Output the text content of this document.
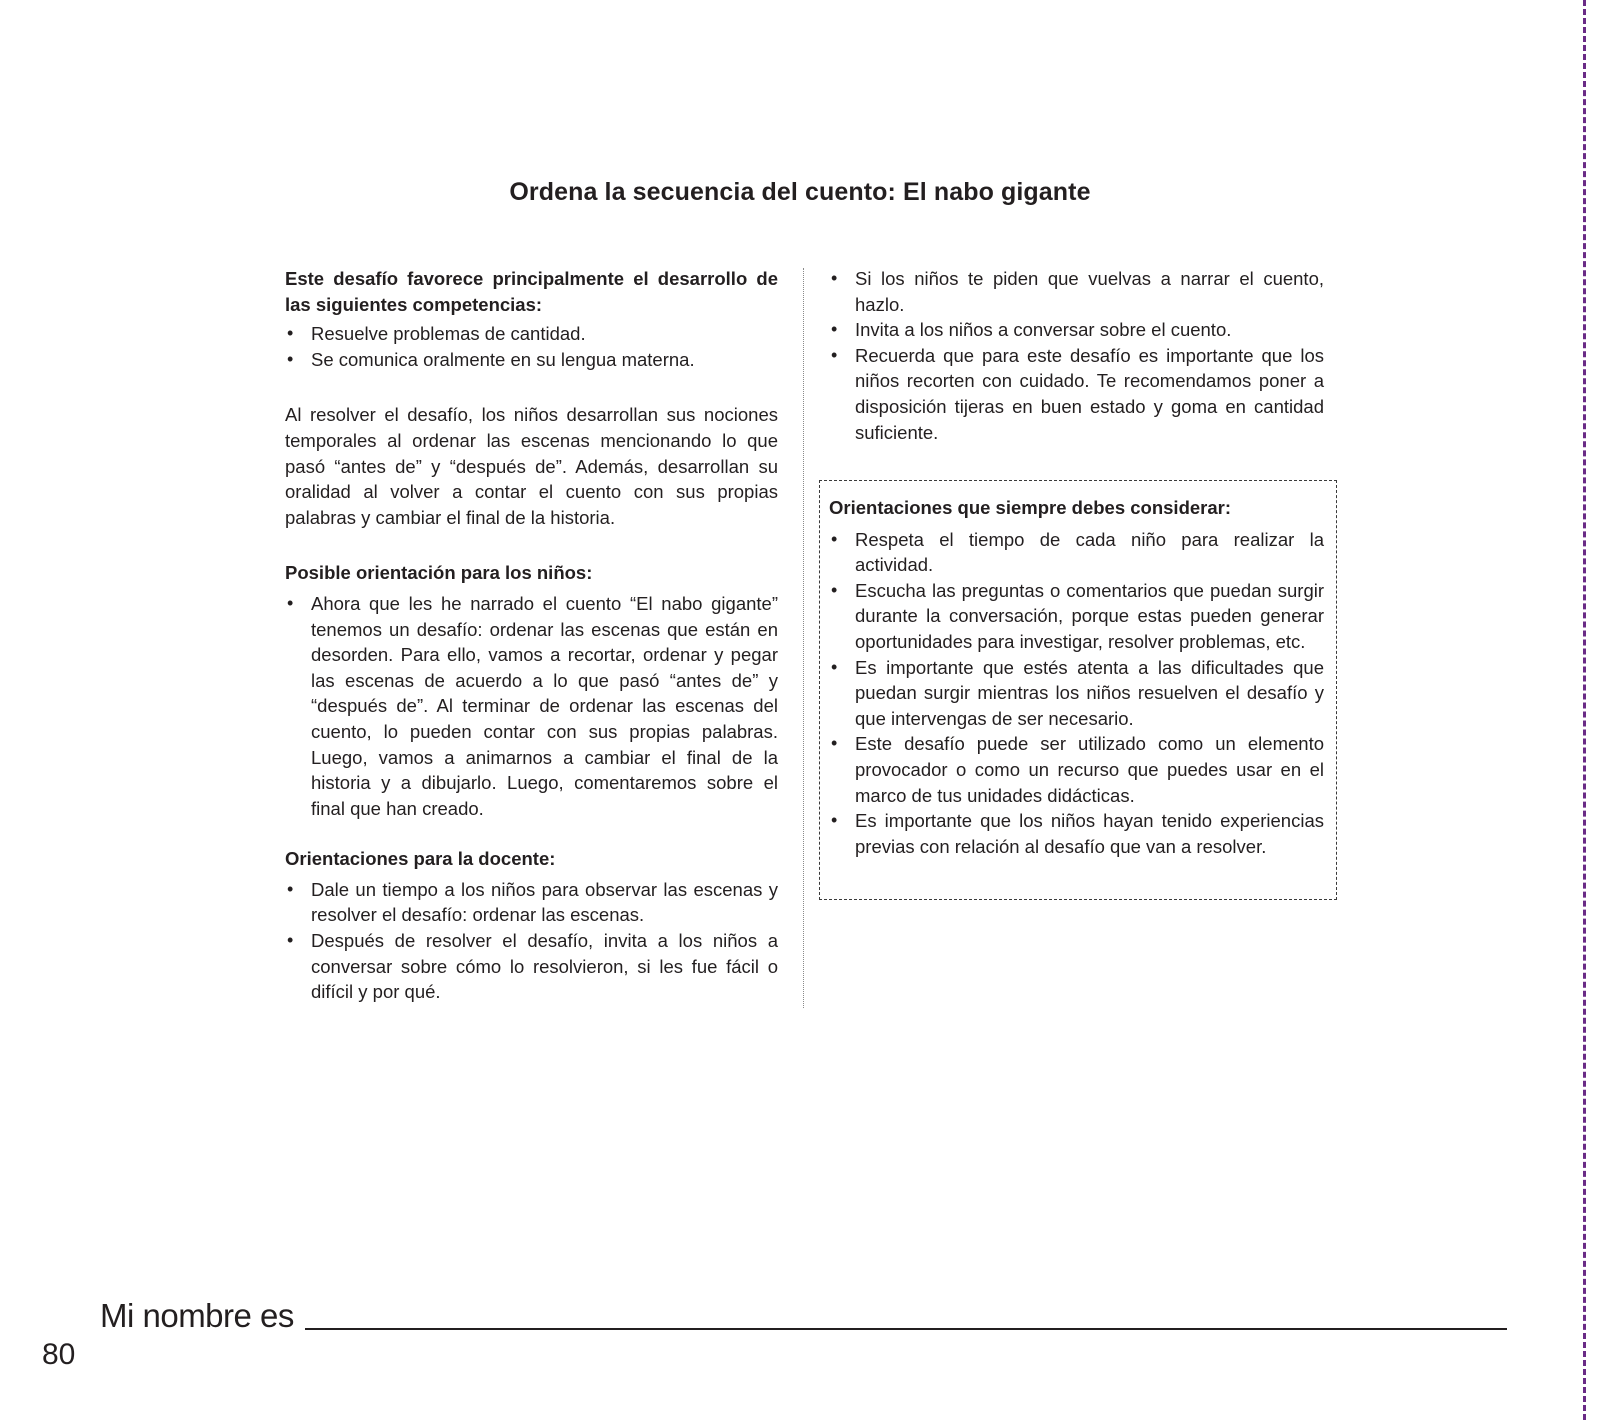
Ordena la secuencia del cuento: El nabo gigante

Este desafío favorece principalmente el desarrollo de las siguientes competencias:

• Resuelve problemas de cantidad.
• Se comunica oralmente en su lengua materna.

Al resolver el desafío, los niños desarrollan sus nociones temporales al ordenar las escenas mencionando lo que pasó “antes de” y “después de”. Además, desarrollan su oralidad al volver a contar el cuento con sus propias palabras y cambiar el final de la historia.

Posible orientación para los niños:

• Ahora que les he narrado el cuento “El nabo gigante” tenemos un desafío: ordenar las escenas que están en desorden. Para ello, vamos a recortar, ordenar y pegar las escenas de acuerdo a lo que pasó “antes de” y “después de”. Al terminar de ordenar las escenas del cuento, lo pueden contar con sus propias palabras. Luego, vamos a animarnos a cambiar el final de la historia y a dibujarlo. Luego, comentaremos sobre el final que han creado.

Orientaciones para la docente:

• Dale un tiempo a los niños para observar las escenas y resolver el desafío: ordenar las escenas.
• Después de resolver el desafío, invita a los niños a conversar sobre cómo lo resolvieron, si les fue fácil o difícil y por qué.
• Si los niños te piden que vuelvas a narrar el cuento, hazlo.
• Invita a los niños a conversar sobre el cuento.
• Recuerda que para este desafío es importante que los niños recorten con cuidado. Te recomendamos poner a disposición tijeras en buen estado y goma en cantidad suficiente.

Orientaciones que siempre debes considerar:

• Respeta el tiempo de cada niño para realizar la actividad.
• Escucha las preguntas o comentarios que puedan surgir durante la conversación, porque estas pueden generar oportunidades para investigar, resolver problemas, etc.
• Es importante que estés atenta a las dificultades que puedan surgir mientras los niños resuelven el desafío y que intervengas de ser necesario.
• Este desafío puede ser utilizado como un elemento provocador o como un recurso que puedes usar en el marco de tus unidades didácticas.
• Es importante que los niños hayan tenido experiencias previas con relación al desafío que van a resolver.
Mi nombre es
80
